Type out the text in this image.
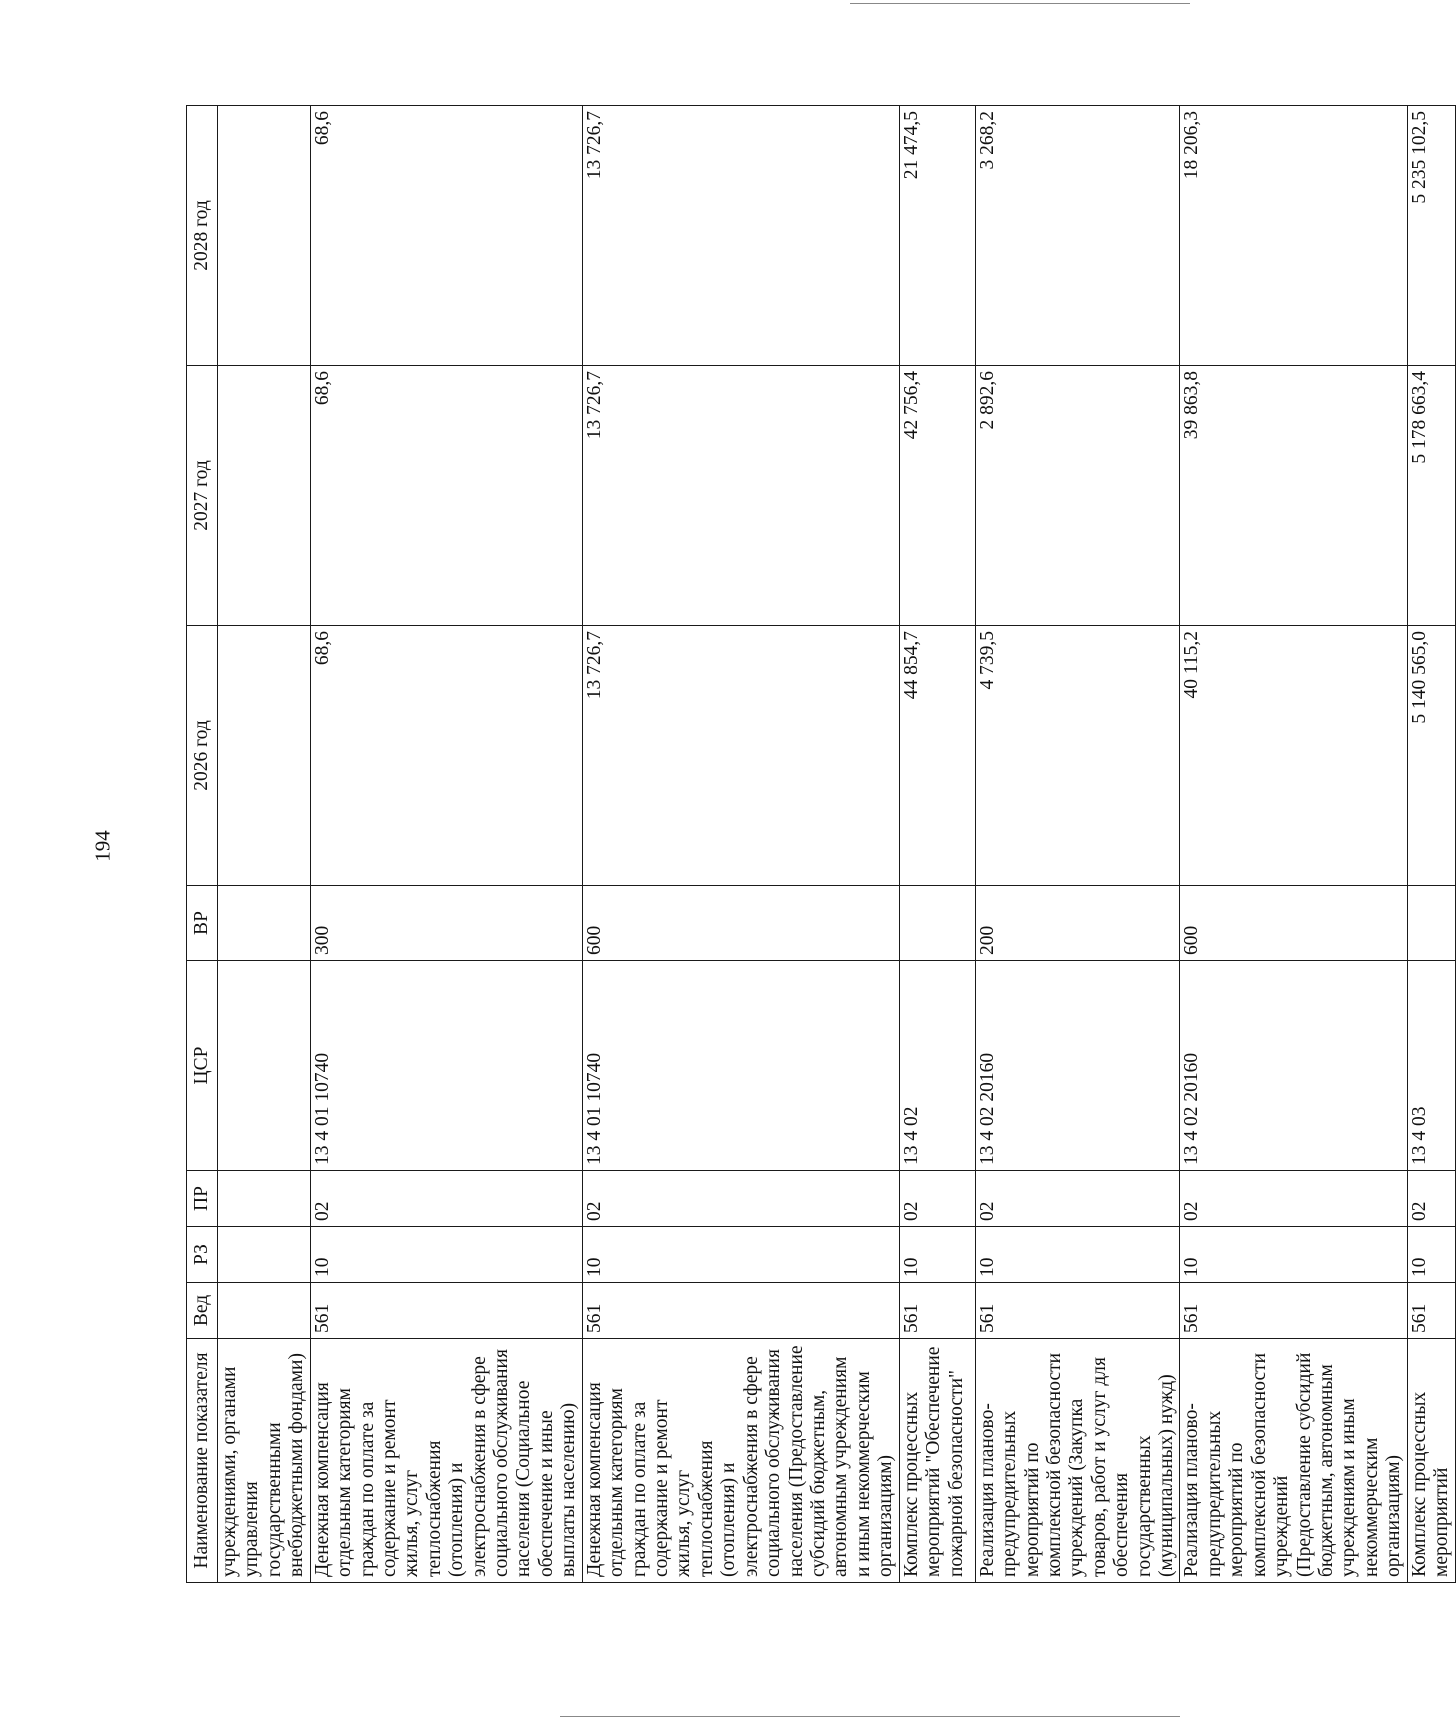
194
Наименование показателя	Вед	РЗ	ПР	ЦСР	ВР	2026 год	2027 год	2028 год
учреждениями, органами управления государственными внебюджетными фондами)								
Денежная компенсация отдельным категориям граждан по оплате за содержание и ремонт жилья, услуг теплоснабжения (отопления) и электроснабжения в сфере социального обслуживания населения (Социальное обеспечение и иные выплаты населению)	561	10	02	13 4 01 10740	300	68,6	68,6	68,6
Денежная компенсация отдельным категориям граждан по оплате за содержание и ремонт жилья, услуг теплоснабжения (отопления) и электроснабжения в сфере социального обслуживания населения (Предоставление субсидий бюджетным, автономным учреждениям и иным некоммерческим организациям)	561	10	02	13 4 01 10740	600	13 726,7	13 726,7	13 726,7
Комплекс процессных мероприятий "Обеспечение пожарной безопасности"	561	10	02	13 4 02		44 854,7	42 756,4	21 474,5
Реализация планово-предупредительных мероприятий по комплексной безопасности учреждений (Закупка товаров, работ и услуг для обеспечения государственных (муниципальных) нужд)	561	10	02	13 4 02 20160	200	4 739,5	2 892,6	3 268,2
Реализация планово-предупредительных мероприятий по комплексной безопасности учреждений (Предоставление субсидий бюджетным, автономным учреждениям и иным некоммерческим организациям)	561	10	02	13 4 02 20160	600	40 115,2	39 863,8	18 206,3
Комплекс процессных мероприятий	561	10	02	13 4 03		5 140 565,0	5 178 663,4	5 235 102,5
